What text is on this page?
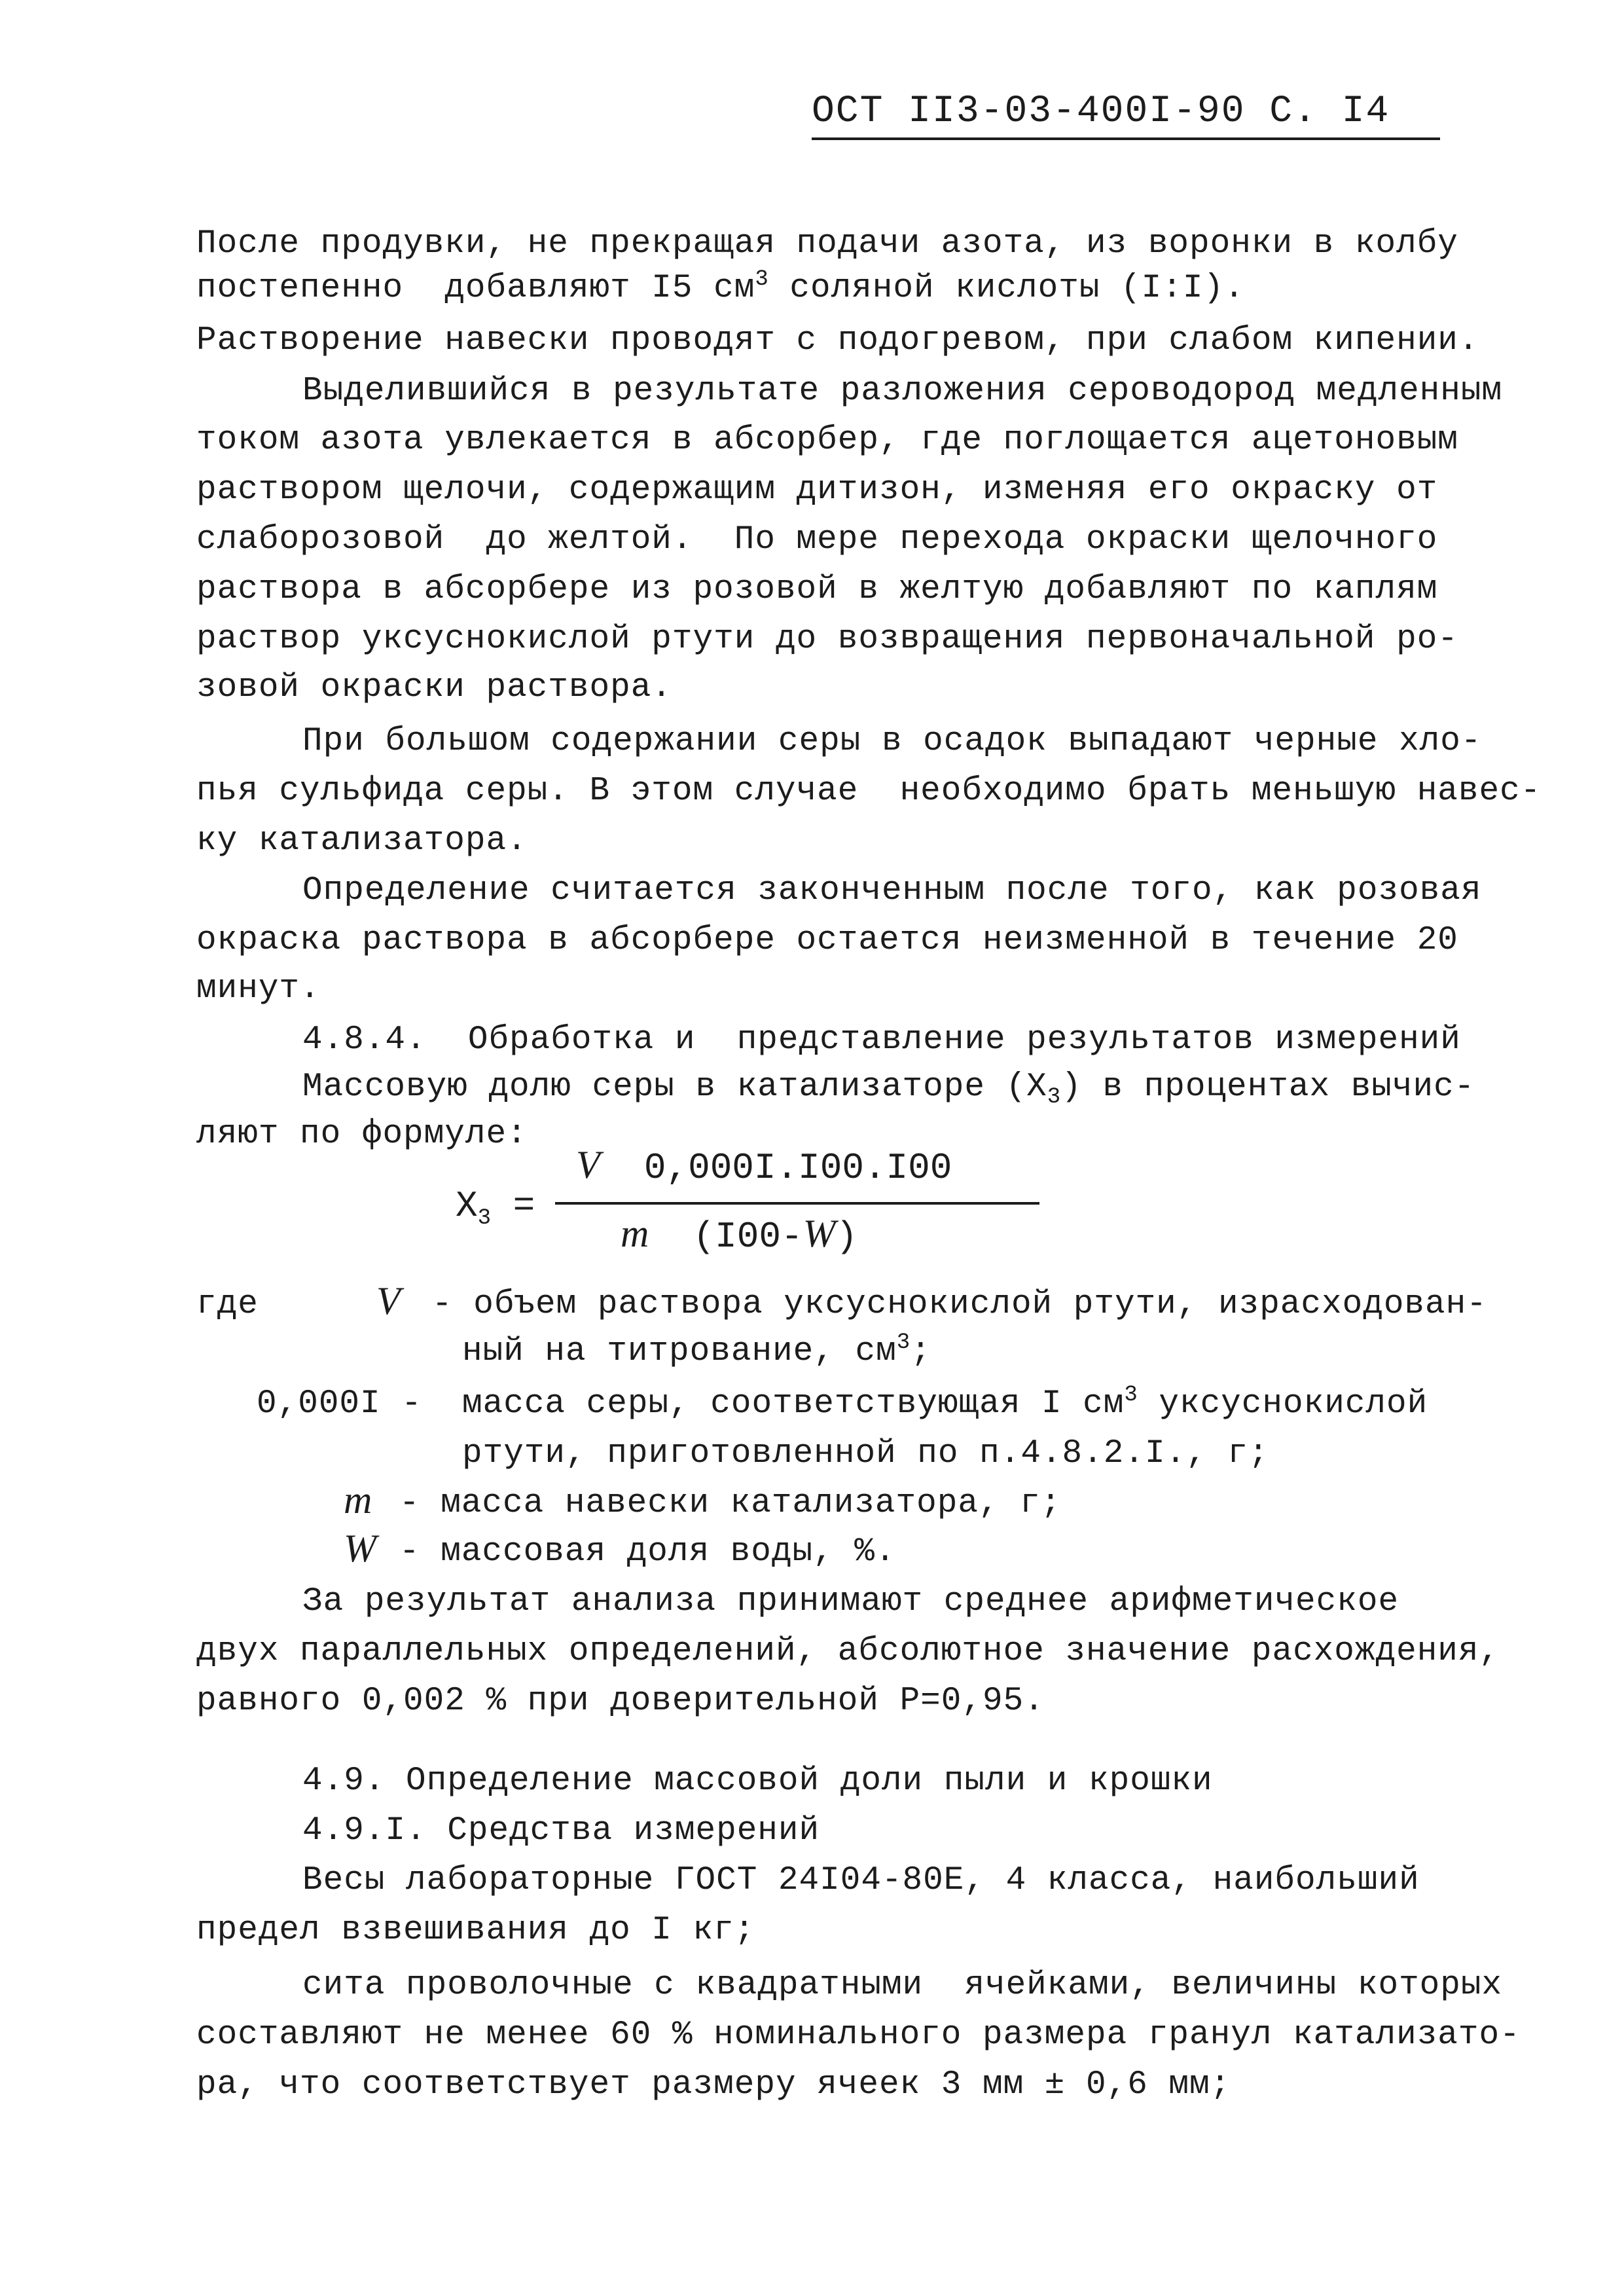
ОСТ II3-03-400I-90 С. I4
После продувки, не прекращая подачи азота, из воронки в колбу
постепенно  добавляют I5 $см^3$ соляной кислоты (I:I).
Растворение навески проводят с подогревом, при слабом кипении.
Выделившийся в результате разложения сероводород медленным
током азота увлекается в абсорбер, где поглощается ацетоновым
раствором щелочи, содержащим дитизон, изменяя его окраску от
слаборозовой  до желтой.  По мере перехода окраски щелочного
раствора в абсорбере из розовой в желтую добавляют по каплям
раствор уксуснокислой ртути до возвращения первоначальной ро-
зовой окраски раствора.
При большом содержании серы в осадок выпадают черные хло-
пья сульфида серы. В этом случае  необходимо брать меньшую навес-
ку катализатора.
Определение считается законченным после того, как розовая
окраска раствора в абсорбере остается неизменной в течение 20
минут.
4.8.4.  Обработка и  представление результатов измерений
Массовую долю серы в катализаторе $(X_3)$ в процентах вычис-
ляют по формуле:
$X_3$ =
V 0,000I.I00.I00
m (I00-W)
где	V - объем раствора уксуснокислой ртути, израсходован-
ный на титрование, $см^3$;
0,000I - масса серы, соответствующая I $см^3$ уксуснокислой
ртути, приготовленной по п.4.8.2.I., г;
m - масса навески катализатора, г;
W - массовая доля воды, %.
За результат анализа принимают среднее арифметическое
двух параллельных определений, абсолютное значение расхождения,
равного 0,002 % при доверительной Р=0,95.
4.9. Определение массовой доли пыли и крошки
4.9.I. Средства измерений
Весы лабораторные ГОСТ 24I04-80Е, 4 класса, наибольший
предел взвешивания до I кг;
сита проволочные с квадратными  ячейками, величины которых
составляют не менее 60 % номинального размера гранул катализато-
ра, что соответствует размеру ячеек 3 мм ± 0,6 мм;
